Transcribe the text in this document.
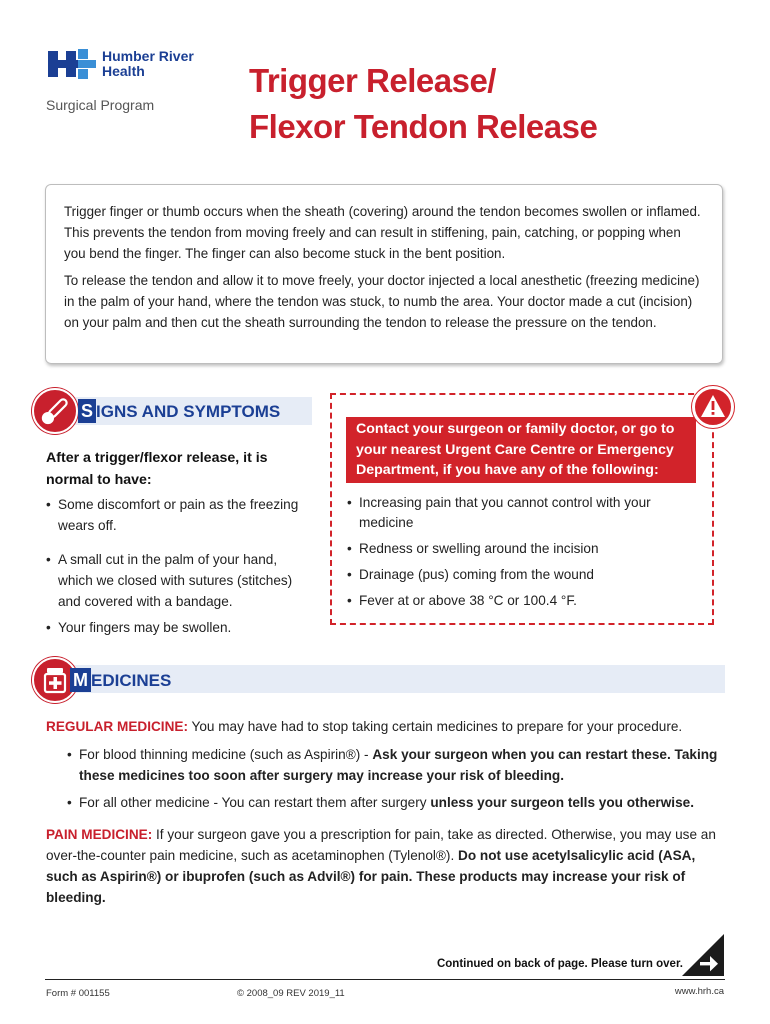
Humber River
Health
Surgical Program
Trigger Release/
Flexor Tendon Release

Trigger finger or thumb occurs when the sheath (covering) around the tendon becomes swollen or inflamed. This prevents the tendon from moving freely and can result in stiffening, pain, catching, or popping when you bend the finger. The finger can also become stuck in the bent position.

To release the tendon and allow it to move freely, your doctor injected a local anesthetic (freezing medicine) in the palm of your hand, where the tendon was stuck, to numb the area. Your doctor made a cut (incision) on your palm and then cut the sheath surrounding the tendon to release the pressure on the tendon.

S IGNS AND SYMPTOMS
After a trigger/flexor release, it is normal to have:
• Some discomfort or pain as the freezing wears off.
• A small cut in the palm of your hand, which we closed with sutures (stitches) and covered with a bandage.
• Your fingers may be swollen.
Contact your surgeon or family doctor, or go to your nearest Urgent Care Centre or Emergency Department, if you have any of the following:
• Increasing pain that you cannot control with your medicine
• Redness or swelling around the incision
• Drainage (pus) coming from the wound
• Fever at or above 38 °C or 100.4 °F.
M EDICINES
REGULAR MEDICINE: You may have had to stop taking certain medicines to prepare for your procedure.
• For blood thinning medicine (such as Aspirin®) - Ask your surgeon when you can restart these. Taking these medicines too soon after surgery may increase your risk of bleeding.
• For all other medicine - You can restart them after surgery unless your surgeon tells you otherwise.
PAIN MEDICINE: If your surgeon gave you a prescription for pain, take as directed. Otherwise, you may use an over-the-counter pain medicine, such as acetaminophen (Tylenol®). Do not use acetylsalicylic acid (ASA, such as Aspirin®) or ibuprofen (such as Advil®) for pain. These products may increase your risk of bleeding.
Continued on back of page. Please turn over.
Form # 001155	© 2008_09 REV 2019_11	www.hrh.ca
